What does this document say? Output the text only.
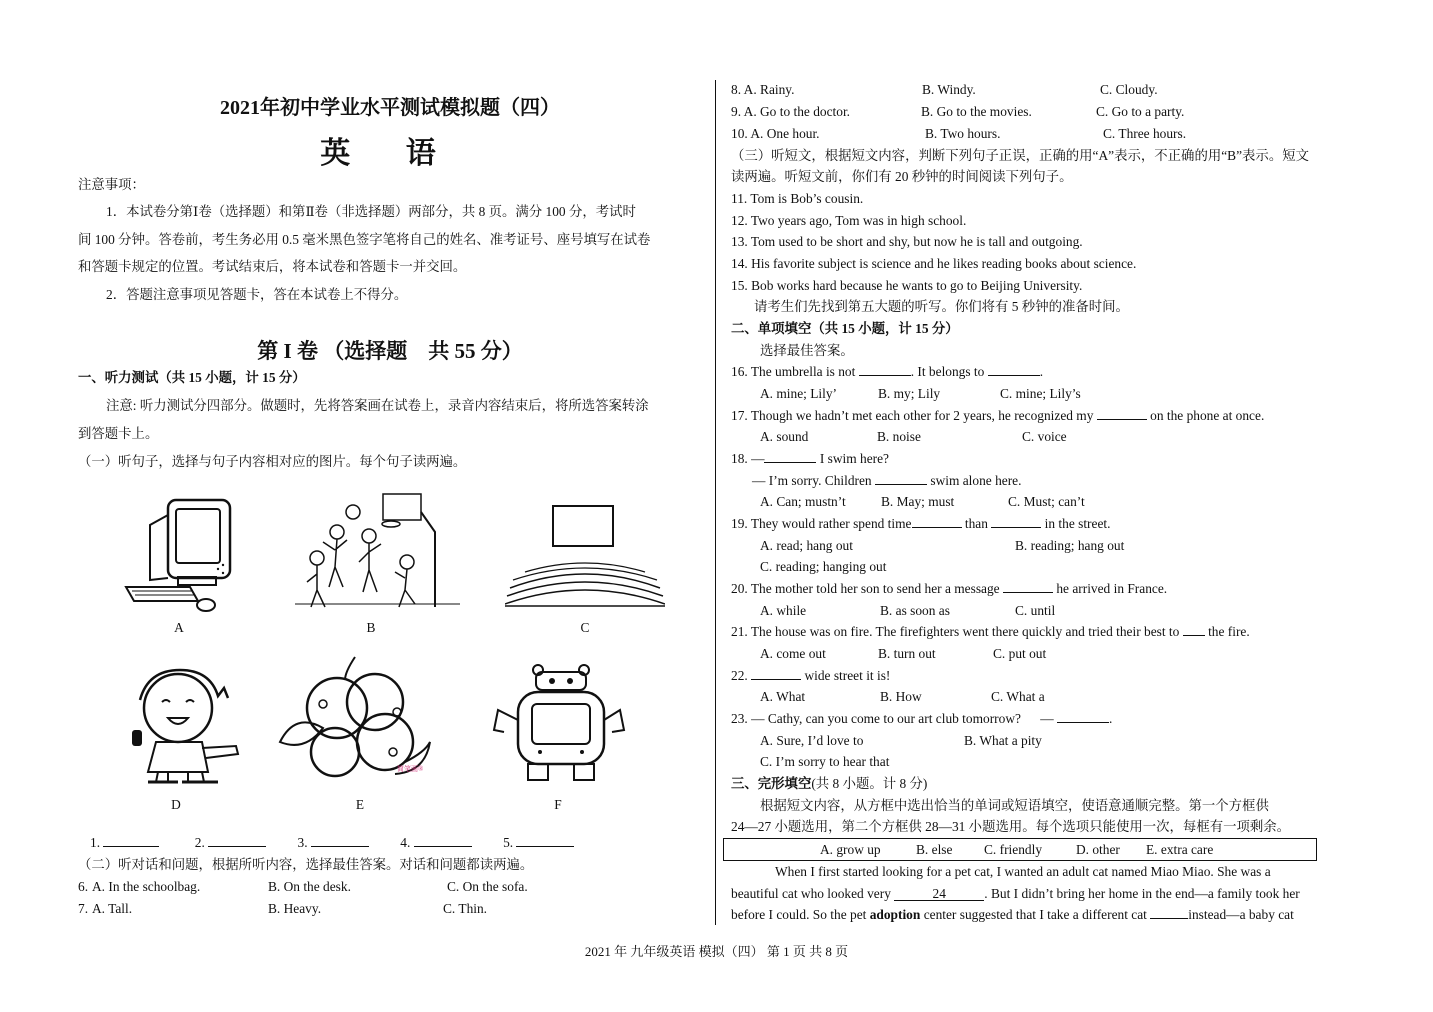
2021年初中学业水平测试模拟题（四）
英 语
注意事项：
1．本试卷分第Ⅰ卷（选择题）和第Ⅱ卷（非选择题）两部分，共 8 页。满分 100 分，考试时
间 100 分钟。答卷前，考生务必用 0.5 毫米黑色签字笔将自己的姓名、准考证号、座号填写在试卷
和答题卡规定的位置。考试结束后，将本试卷和答题卡一并交回。
2．答题注意事项见答题卡，答在本试卷上不得分。
第 I 卷 （选择题　共 55 分）
一、听力测试（共 15 小题，计 15 分）
注意: 听力测试分四部分。做题时，先将答案画在试卷上，录音内容结束后，将所选答案转涂
到答题卡上。
（一）听句子，选择与句子内容相对应的图片。每个句子读两遍。
A	B	C
D
简笔画®
E	F
1.	2.	3.	4.	5.
（二）听对话和问题，根据所听内容，选择最佳答案。对话和问题都读两遍。
6. A. In the schoolbag.	B. On the desk.	C. On the sofa.
7. A. Tall.	B. Heavy.	C. Thin.
8. A. Rainy.	B. Windy.	C. Cloudy.
9. A. Go to the doctor.	B. Go to the movies.	C. Go to a party.
10. A. One hour.	B. Two hours.	C. Three hours.
（三）听短文，根据短文内容，判断下列句子正误，正确的用“A”表示，不正确的用“B”表示。短文
读两遍。听短文前，你们有 20 秒钟的时间阅读下列句子。
11. Tom is Bob’s cousin.
12. Two years ago, Tom was in high school.
13. Tom used to be short and shy, but now he is tall and outgoing.
14. His favorite subject is science and he likes reading books about science.
15. Bob works hard because he wants to go to Beijing University.
请考生们先找到第五大题的听写。你们将有 5 秒钟的准备时间。
二、单项填空（共 15 小题，计 15 分）
选择最佳答案。
16. The umbrella is not	. It belongs to	.
A. mine; Lily’	B. my; Lily	C. mine; Lily’s
17. Though we hadn’t met each other for 2 years, he recognized my	on the phone at once.
A. sound	B. noise	C. voice
18. —	I swim here?
— I’m sorry. Children	swim alone here.
A. Can; mustn’t	B. May; must	C. Must; can’t
19. They would rather spend time	than	in the street.
A. read; hang out	B. reading; hang out
C. reading; hanging out
20. The mother told her son to send her a message	he arrived in France.
A. while	B. as soon as	C. until
21. The house was on fire. The firefighters went there quickly and tried their best to the fire.
A. come out	B. turn out	C. put out
22.	wide street it is!
A. What	B. How	C. What a
23. — Cathy, can you come to our art club tomorrow? —	.
A. Sure, I’d love to	B. What a pity
C. I’m sorry to hear that
三、完形填空(共 8 小题。计 8 分)
根据短文内容，从方框中选出恰当的单词或短语填空，使语意通顺完整。第一个方框供
24—27 小题选用，第二个方框供 28—31 小题选用。每个选项只能使用一次，每框有一项剩余。
A. grow up	B. else C. friendly	D. other E. extra care
When I first started looking for a pet cat, I wanted an adult cat named Miao Miao. She was a
beautiful cat who looked very	24	. But I didn’t bring her home in the end—a family took her
before I could. So the pet adoption center suggested that I take a different cat	instead—a baby cat
2021 年 九年级英语 模拟（四） 第 1 页 共 8 页
